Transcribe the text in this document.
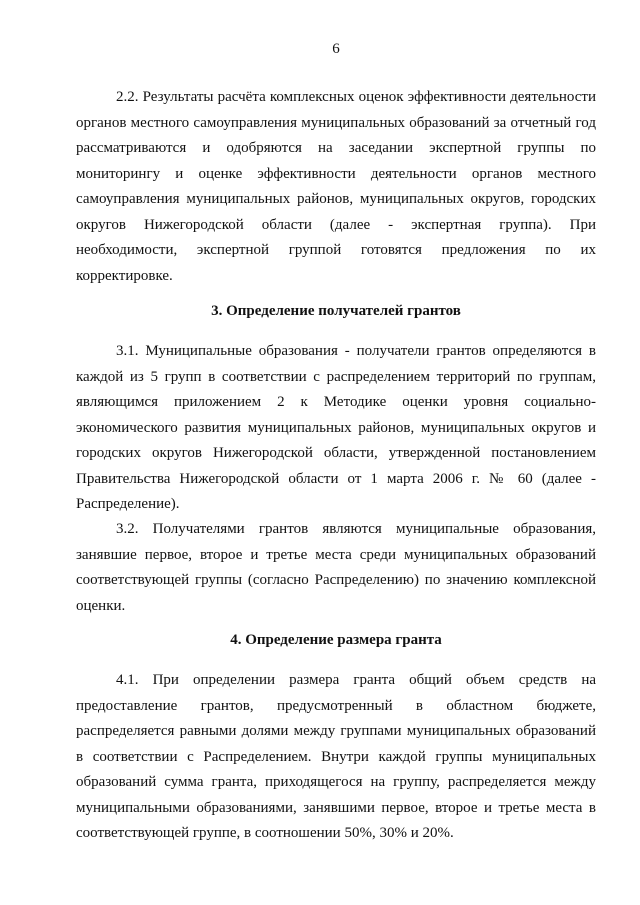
6

2.2. Результаты расчёта комплексных оценок эффективности деятельности органов местного самоуправления муниципальных образований за отчетный год рассматриваются и одобряются на заседании экспертной группы по мониторингу и оценке эффективности деятельности органов местного самоуправления муниципальных районов, муниципальных округов, городских округов Нижегородской области (далее - экспертная группа). При необходимости, экспертной группой готовятся предложения по их корректировке.

3. Определение получателей грантов

3.1. Муниципальные образования - получатели грантов определяются в каждой из 5 групп в соответствии с распределением территорий по группам, являющимся приложением 2 к Методике оценки уровня социально-экономического развития муниципальных районов, муниципальных округов и городских округов Нижегородской области, утвержденной постановлением Правительства Нижегородской области от 1 марта 2006 г. № 60 (далее - Распределение).

3.2. Получателями грантов являются муниципальные образования, занявшие первое, второе и третье места среди муниципальных образований соответствующей группы (согласно Распределению) по значению комплексной оценки.

4. Определение размера гранта

4.1. При определении размера гранта общий объем средств на предоставление грантов, предусмотренный в областном бюджете, распределяется равными долями между группами муниципальных образований в соответствии с Распределением. Внутри каждой группы муниципальных образований сумма гранта, приходящегося на группу, распределяется между муниципальными образованиями, занявшими первое, второе и третье места в соответствующей группе, в соотношении 50%, 30% и 20%.
